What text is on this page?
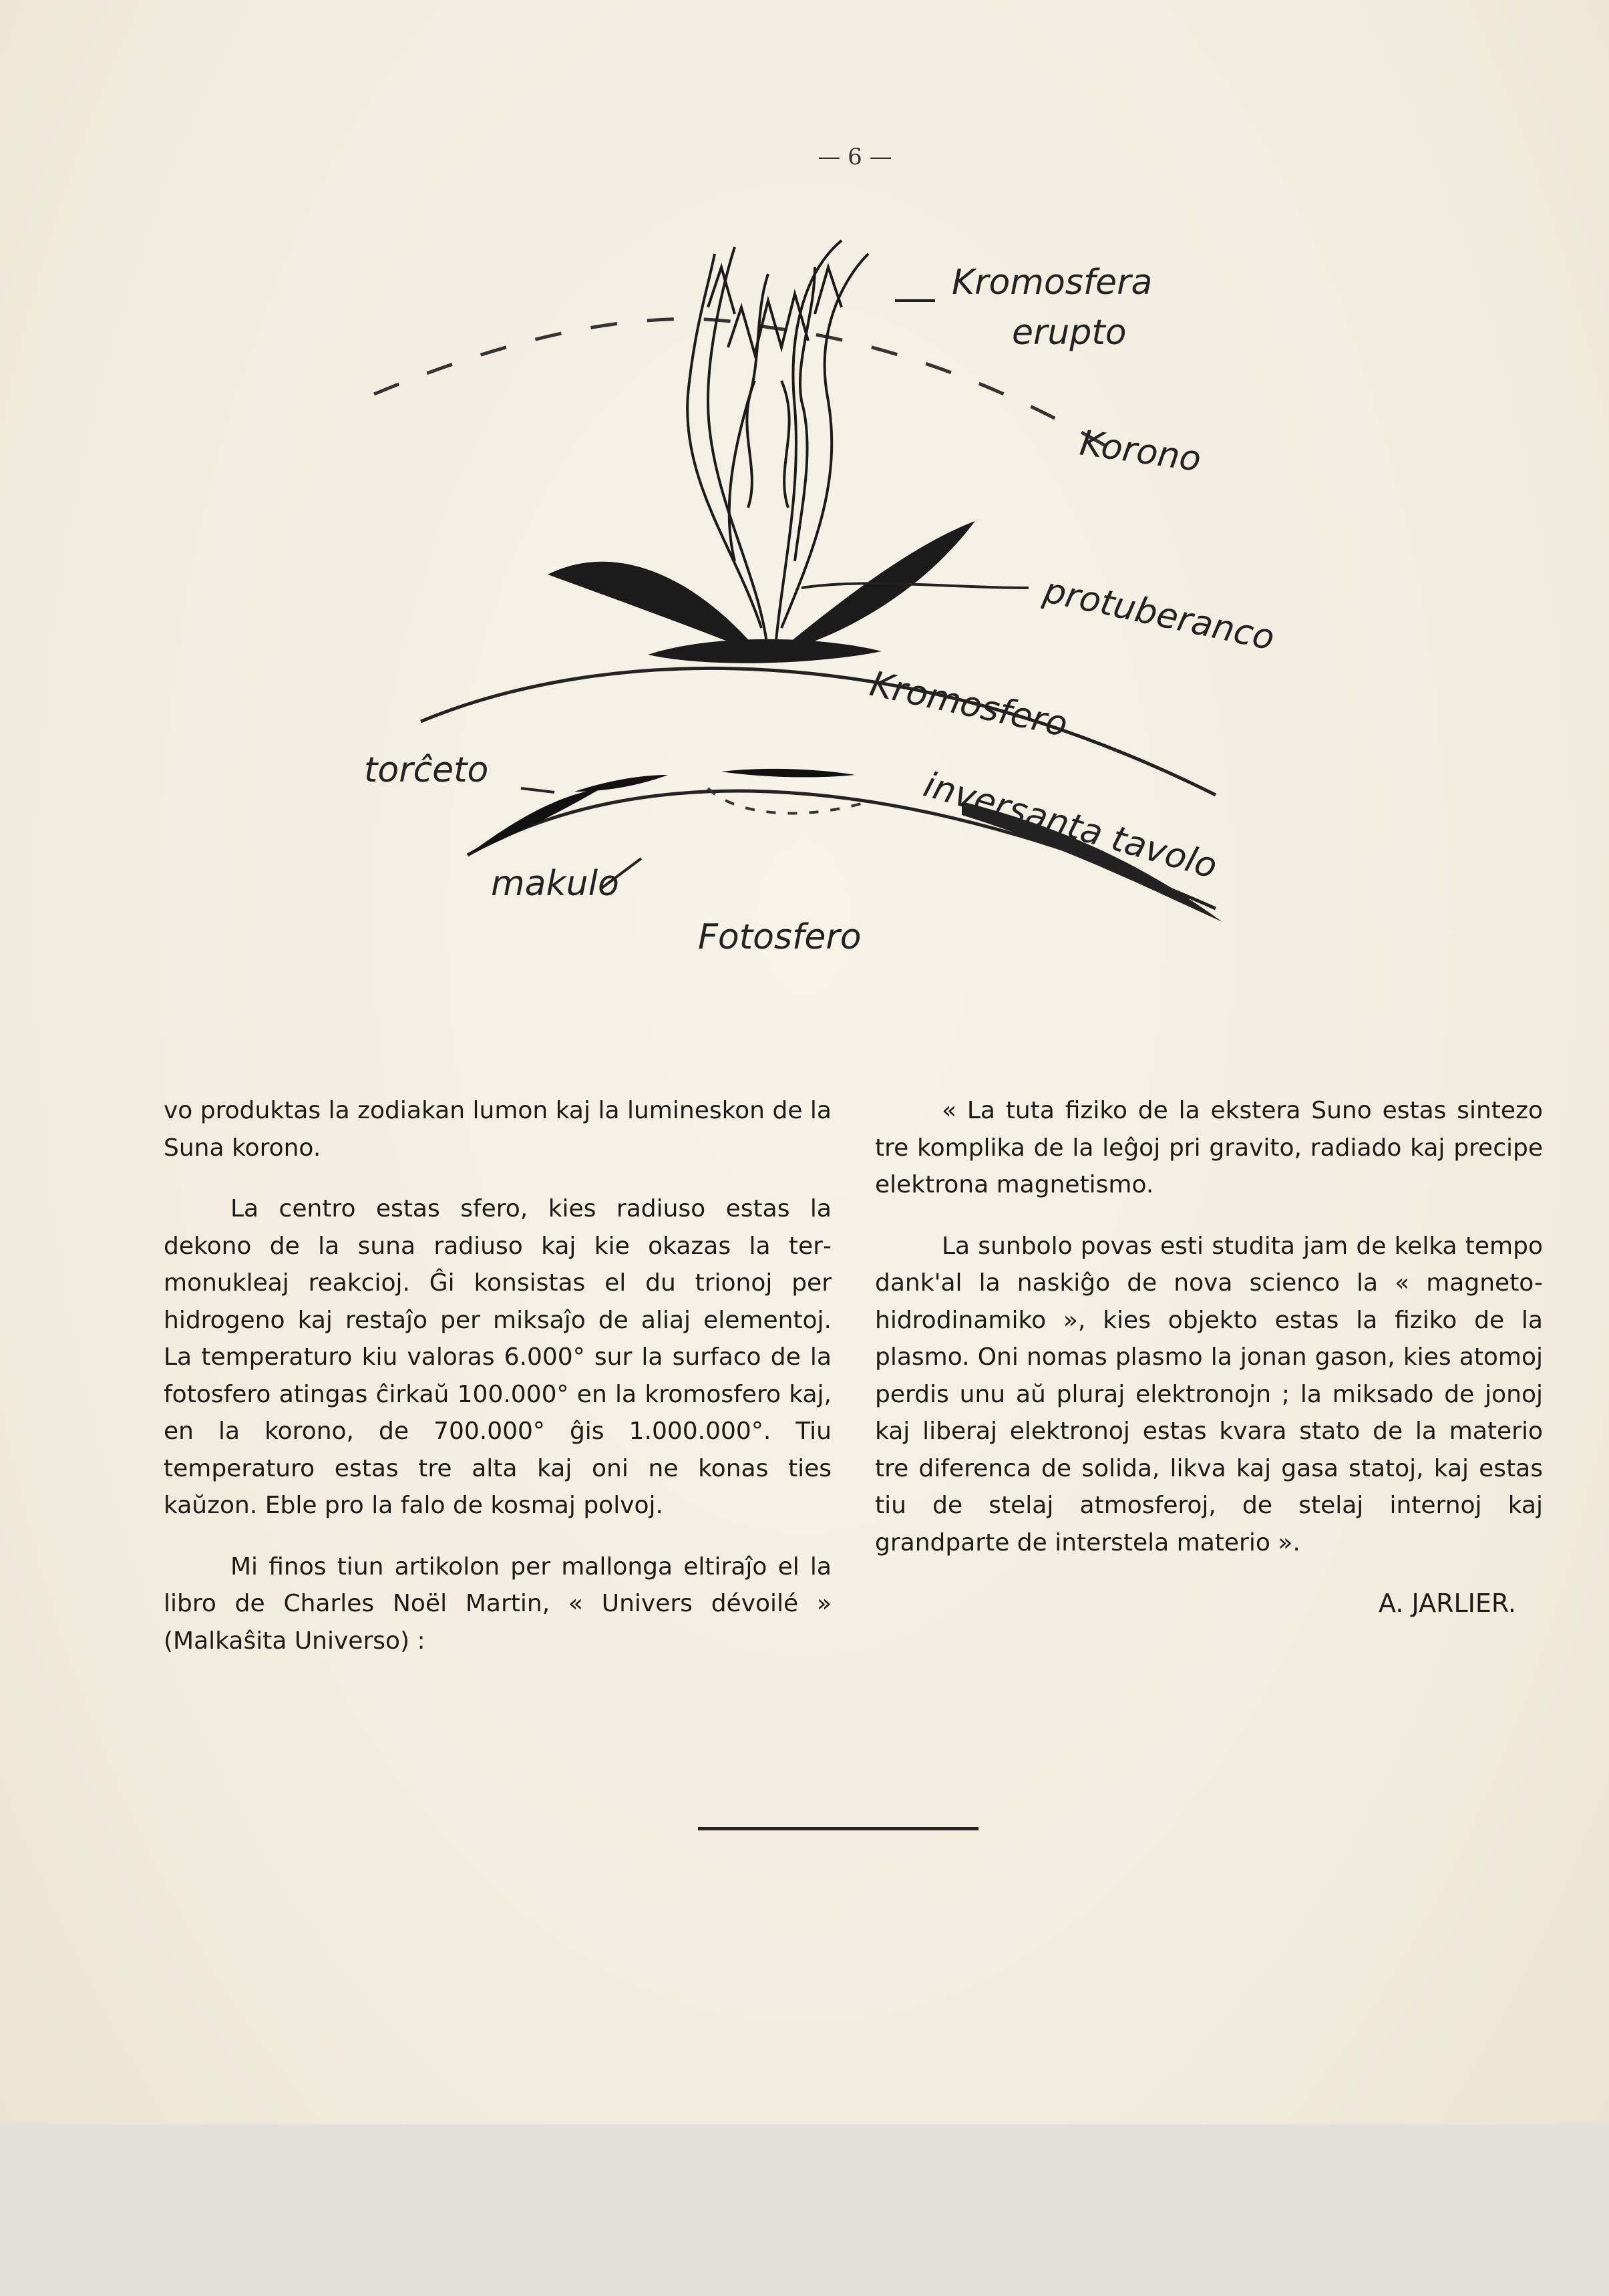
— 6 —
Kromosfera
erupto
Korono
protuberanco
Kromosfero
inversanta tavolo
torĉeto
makulo
Fotosfero

vo produktas la zodiakan lumon kaj la lumineskon de la Suna korono.

La centro estas sfero, kies radiuso estas la dekono de la suna radiuso kaj kie okazas la termonukleaj reakcioj. Ĝi konsistas el du trionoj per hidrogeno kaj restaĵo per miksaĵo de aliaj elementoj. La temperaturo kiu valoras 6.000° sur la surfaco de la fotosfero atingas ĉirkaŭ 100.000° en la kromosfero kaj, en la korono, de 700.000° ĝis 1.000.000°. Tiu temperaturo estas tre alta kaj oni ne konas ties kaŭzon. Eble pro la falo de kosmaj polvoj.

Mi finos tiun artikolon per mallonga eltiraĵo el la libro de Charles Noël Martin, « Univers dévoilé » (Malkaŝita Universo) :

« La tuta fiziko de la ekstera Suno estas sintezo tre komplika de la leĝoj pri gravito, radiado kaj precipe elektrona magnetismo.

La sunbolo povas esti studita jam de kelka tempo dank'al la naskiĝo de nova scienco la « magneto-hidrodinamiko », kies objekto estas la fiziko de la plasmo. Oni nomas plasmo la jonan gason, kies atomoj perdis unu aŭ pluraj elektronojn ; la miksado de jonoj kaj liberaj elektronoj estas kvara stato de la materio tre diferenca de solida, likva kaj gasa statoj, kaj estas tiu de stelaj atmosferoj, de stelaj internoj kaj grandparte de interstela materio ».

A. JARLIER.
